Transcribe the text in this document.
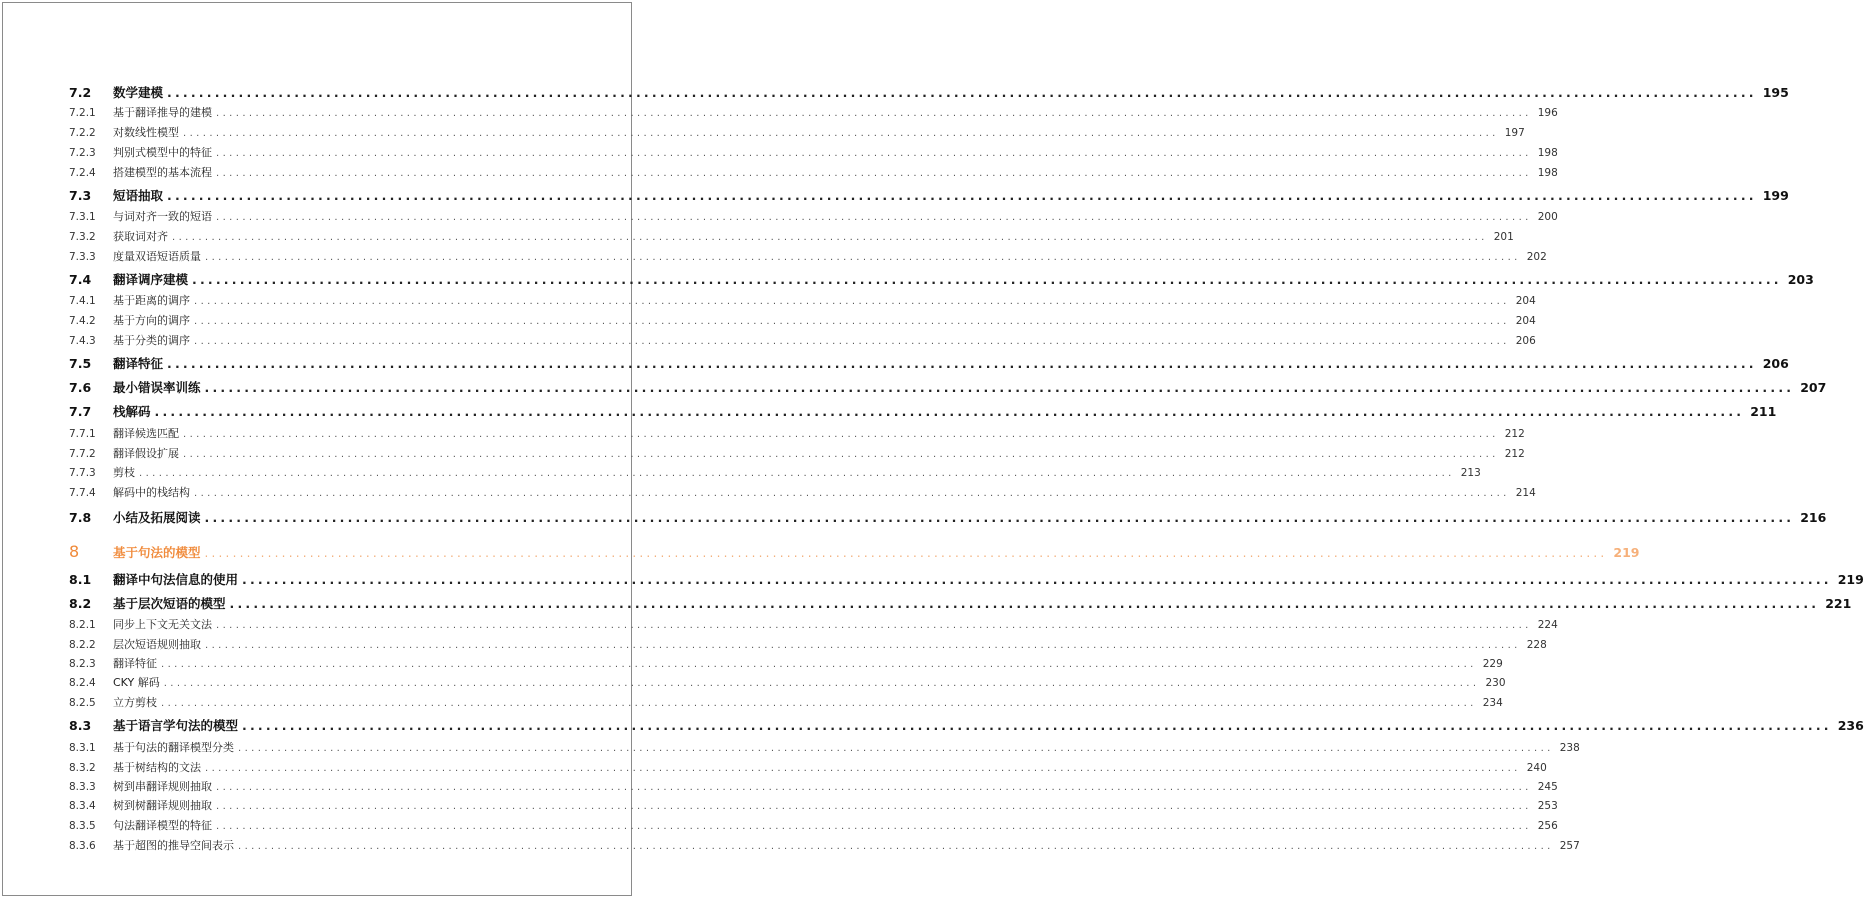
7.2	数学建模 ........................................................................................................................................................................................................ 195
7.2.1	基于翻译推导的建模 ........................................................................................................................................................................................................ 196
7.2.2	对数线性模型 ........................................................................................................................................................................................................ 197
7.2.3	判别式模型中的特征 ........................................................................................................................................................................................................ 198
7.2.4	搭建模型的基本流程 ........................................................................................................................................................................................................ 198
7.3	短语抽取 ........................................................................................................................................................................................................ 199
7.3.1	与词对齐一致的短语 ........................................................................................................................................................................................................ 200
7.3.2	获取词对齐 ........................................................................................................................................................................................................ 201
7.3.3	度量双语短语质量 ........................................................................................................................................................................................................ 202
7.4	翻译调序建模 ........................................................................................................................................................................................................ 203
7.4.1	基于距离的调序 ........................................................................................................................................................................................................ 204
7.4.2	基于方向的调序 ........................................................................................................................................................................................................ 204
7.4.3	基于分类的调序 ........................................................................................................................................................................................................ 206
7.5	翻译特征 ........................................................................................................................................................................................................ 206
7.6	最小错误率训练 ........................................................................................................................................................................................................ 207
7.7	栈解码 ........................................................................................................................................................................................................ 211
7.7.1	翻译候选匹配 ........................................................................................................................................................................................................ 212
7.7.2	翻译假设扩展 ........................................................................................................................................................................................................ 212
7.7.3	剪枝 ........................................................................................................................................................................................................ 213
7.7.4	解码中的栈结构 ........................................................................................................................................................................................................ 214
7.8	小结及拓展阅读 ........................................................................................................................................................................................................ 216
8	基于句法的模型 ........................................................................................................................................................................................................ 219
8.1	翻译中句法信息的使用 ........................................................................................................................................................................................................ 219
8.2	基于层次短语的模型 ........................................................................................................................................................................................................ 221
8.2.1	同步上下文无关文法 ........................................................................................................................................................................................................ 224
8.2.2	层次短语规则抽取 ........................................................................................................................................................................................................ 228
8.2.3	翻译特征 ........................................................................................................................................................................................................ 229
8.2.4	CKY 解码 ........................................................................................................................................................................................................ 230
8.2.5	立方剪枝 ........................................................................................................................................................................................................ 234
8.3	基于语言学句法的模型 ........................................................................................................................................................................................................ 236
8.3.1	基于句法的翻译模型分类 ........................................................................................................................................................................................................ 238
8.3.2	基于树结构的文法 ........................................................................................................................................................................................................ 240
8.3.3	树到串翻译规则抽取 ........................................................................................................................................................................................................ 245
8.3.4	树到树翻译规则抽取 ........................................................................................................................................................................................................ 253
8.3.5	句法翻译模型的特征 ........................................................................................................................................................................................................ 256
8.3.6	基于超图的推导空间表示 ........................................................................................................................................................................................................ 257
